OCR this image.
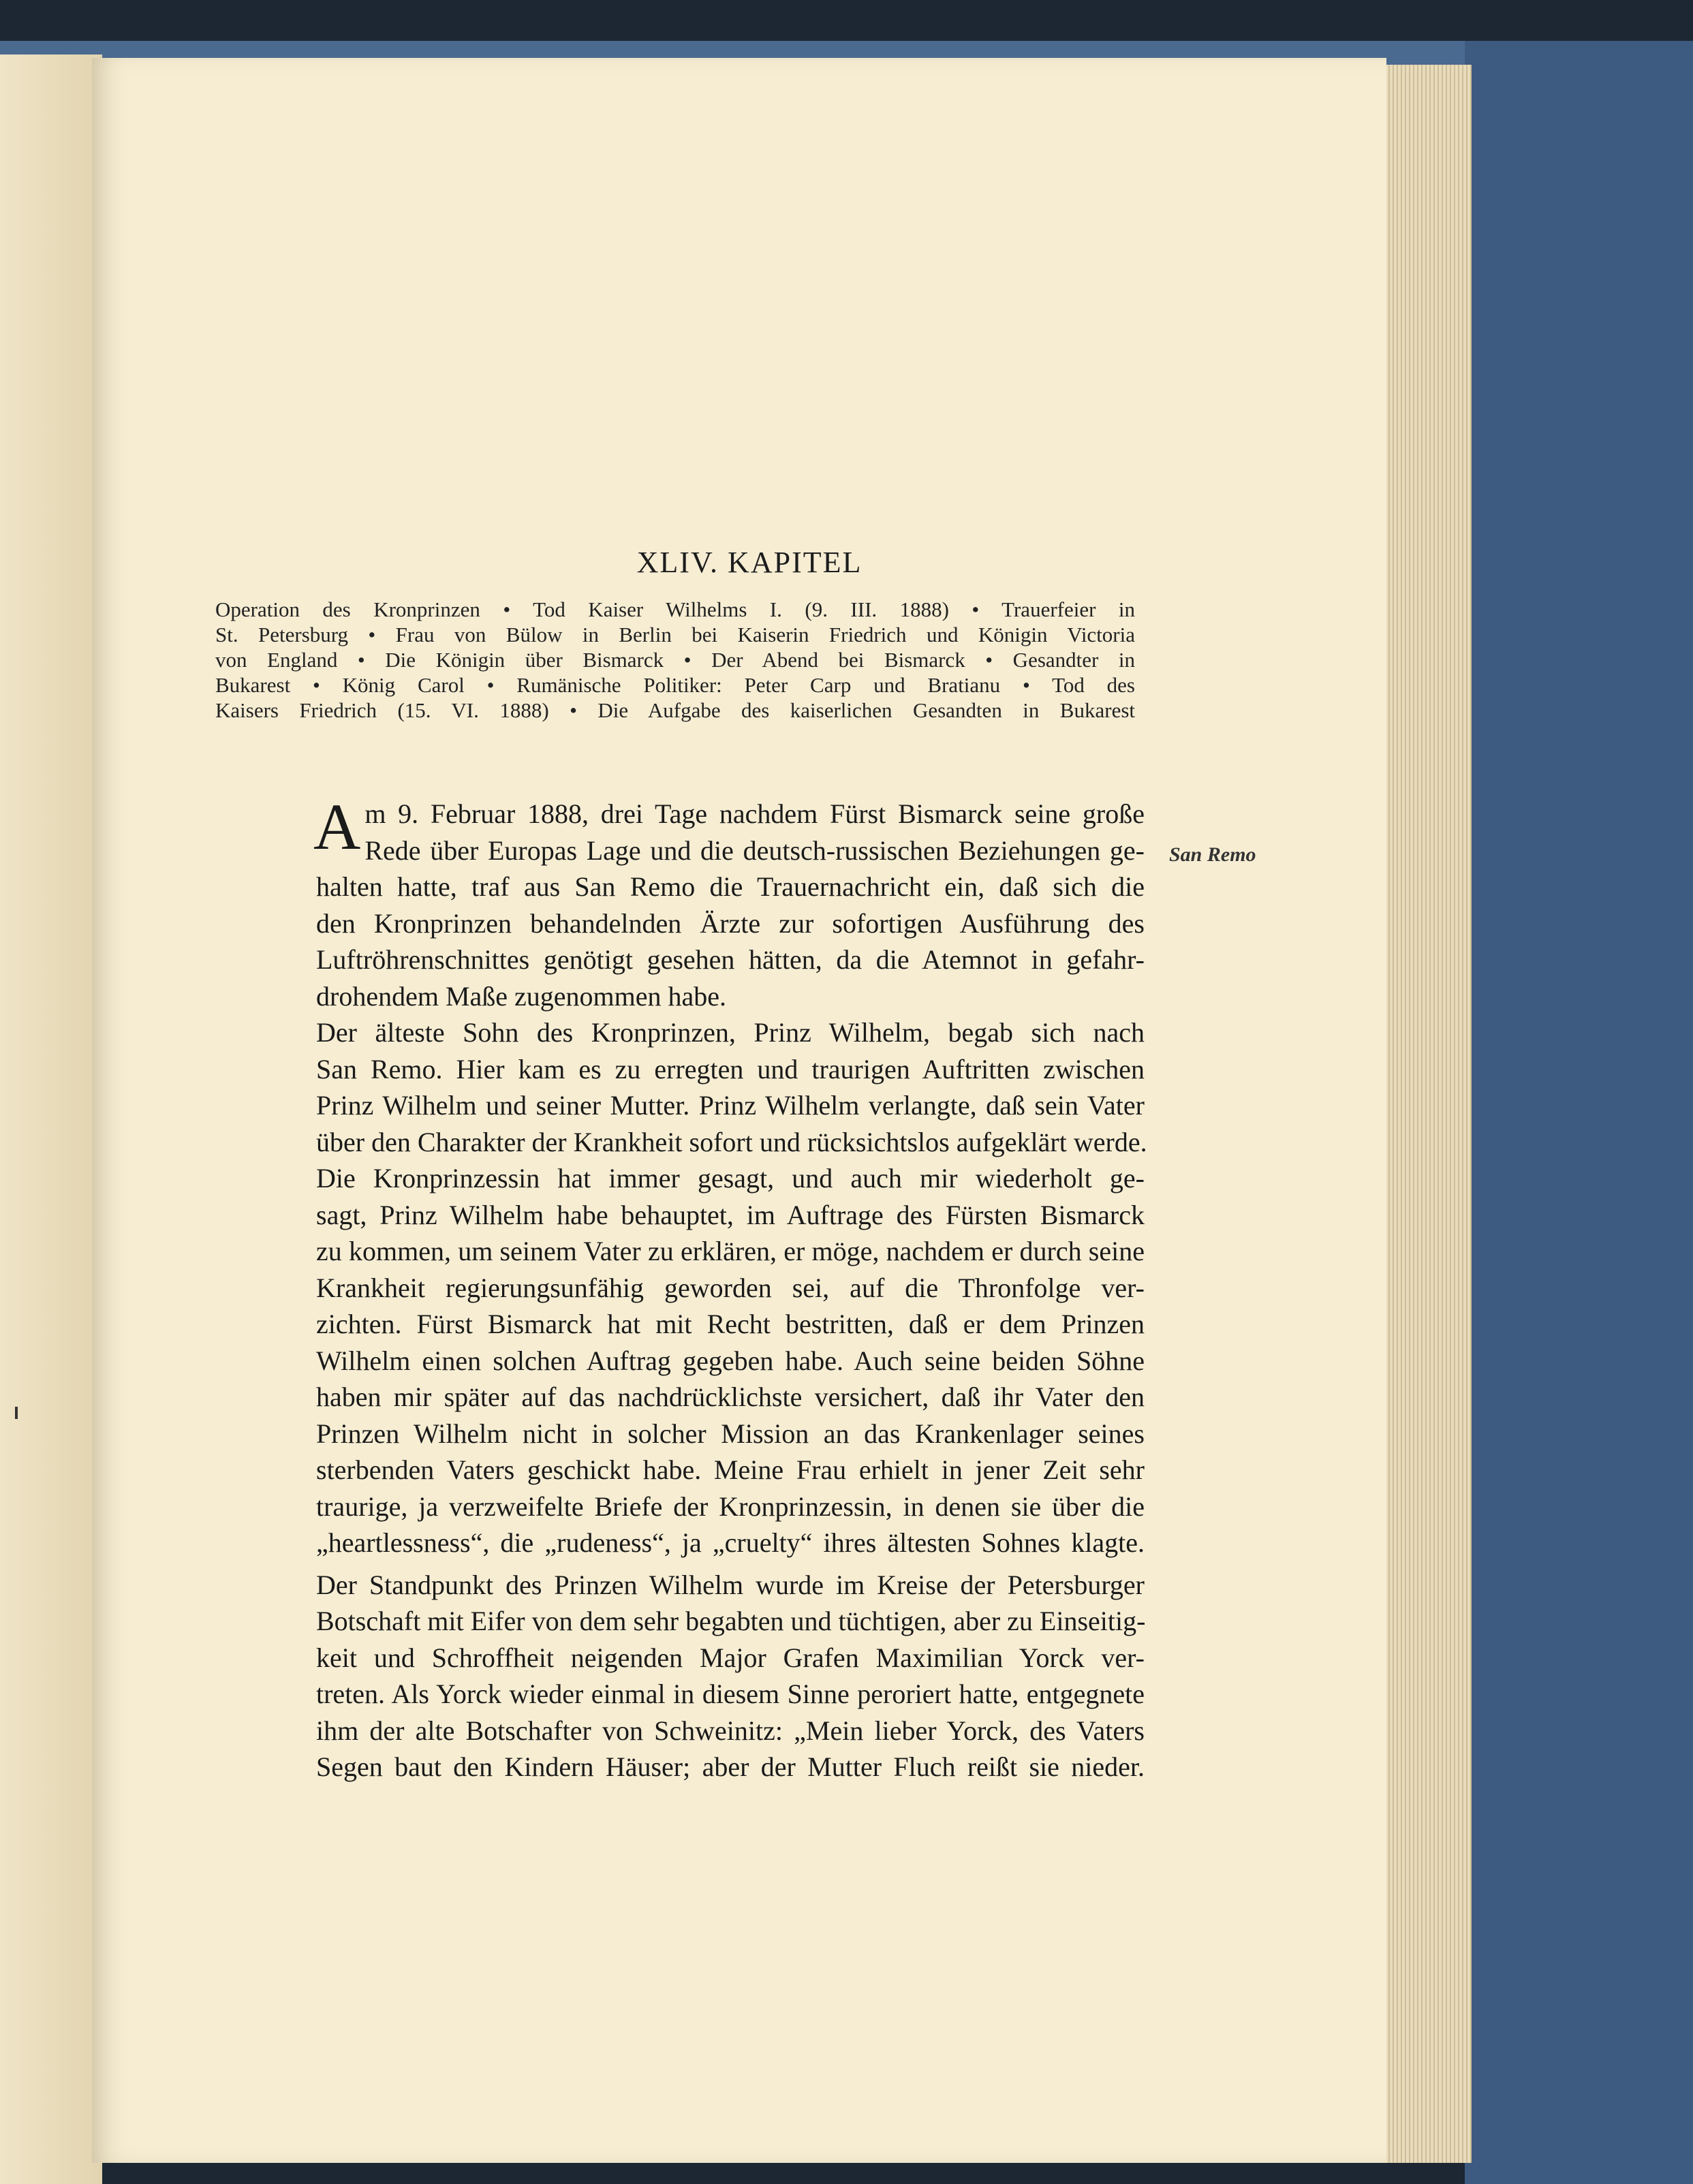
XLIV. KAPITEL
Operation des Kronprinzen • Tod Kaiser Wilhelms I. (9. III. 1888) • Trauerfeier in
St. Petersburg • Frau von Bülow in Berlin bei Kaiserin Friedrich und Königin Victoria
von England • Die Königin über Bismarck • Der Abend bei Bismarck • Gesandter in
Bukarest • König Carol • Rumänische Politiker: Peter Carp und Bratianu • Tod des
Kaisers Friedrich (15. VI. 1888) • Die Aufgabe des kaiserlichen Gesandten in Bukarest
San Remo
A m 9. Februar 1888, drei Tage nachdem Fürst Bismarck seine große
Rede über Europas Lage und die deutsch-russischen Beziehungen ge-
halten hatte, traf aus San Remo die Trauernachricht ein, daß sich die
den Kronprinzen behandelnden Ärzte zur sofortigen Ausführung des
Luftröhrenschnittes genötigt gesehen hätten, da die Atemnot in gefahr-
drohendem Maße zugenommen habe.
Der älteste Sohn des Kronprinzen, Prinz Wilhelm, begab sich nach
San Remo. Hier kam es zu erregten und traurigen Auftritten zwischen
Prinz Wilhelm und seiner Mutter. Prinz Wilhelm verlangte, daß sein Vater
über den Charakter der Krankheit sofort und rücksichtslos aufgeklärt werde.
Die Kronprinzessin hat immer gesagt, und auch mir wiederholt ge-
sagt, Prinz Wilhelm habe behauptet, im Auftrage des Fürsten Bismarck
zu kommen, um seinem Vater zu erklären, er möge, nachdem er durch seine
Krankheit regierungsunfähig geworden sei, auf die Thronfolge ver-
zichten. Fürst Bismarck hat mit Recht bestritten, daß er dem Prinzen
Wilhelm einen solchen Auftrag gegeben habe. Auch seine beiden Söhne
haben mir später auf das nachdrücklichste versichert, daß ihr Vater den
Prinzen Wilhelm nicht in solcher Mission an das Krankenlager seines
sterbenden Vaters geschickt habe. Meine Frau erhielt in jener Zeit sehr
traurige, ja verzweifelte Briefe der Kronprinzessin, in denen sie über die
„heartlessness“, die „rudeness“, ja „cruelty“ ihres ältesten Sohnes klagte.
Der Standpunkt des Prinzen Wilhelm wurde im Kreise der Petersburger
Botschaft mit Eifer von dem sehr begabten und tüchtigen, aber zu Einseitig-
keit und Schroffheit neigenden Major Grafen Maximilian Yorck ver-
treten. Als Yorck wieder einmal in diesem Sinne peroriert hatte, entgegnete
ihm der alte Botschafter von Schweinitz: „Mein lieber Yorck, des Vaters
Segen baut den Kindern Häuser; aber der Mutter Fluch reißt sie nieder.
